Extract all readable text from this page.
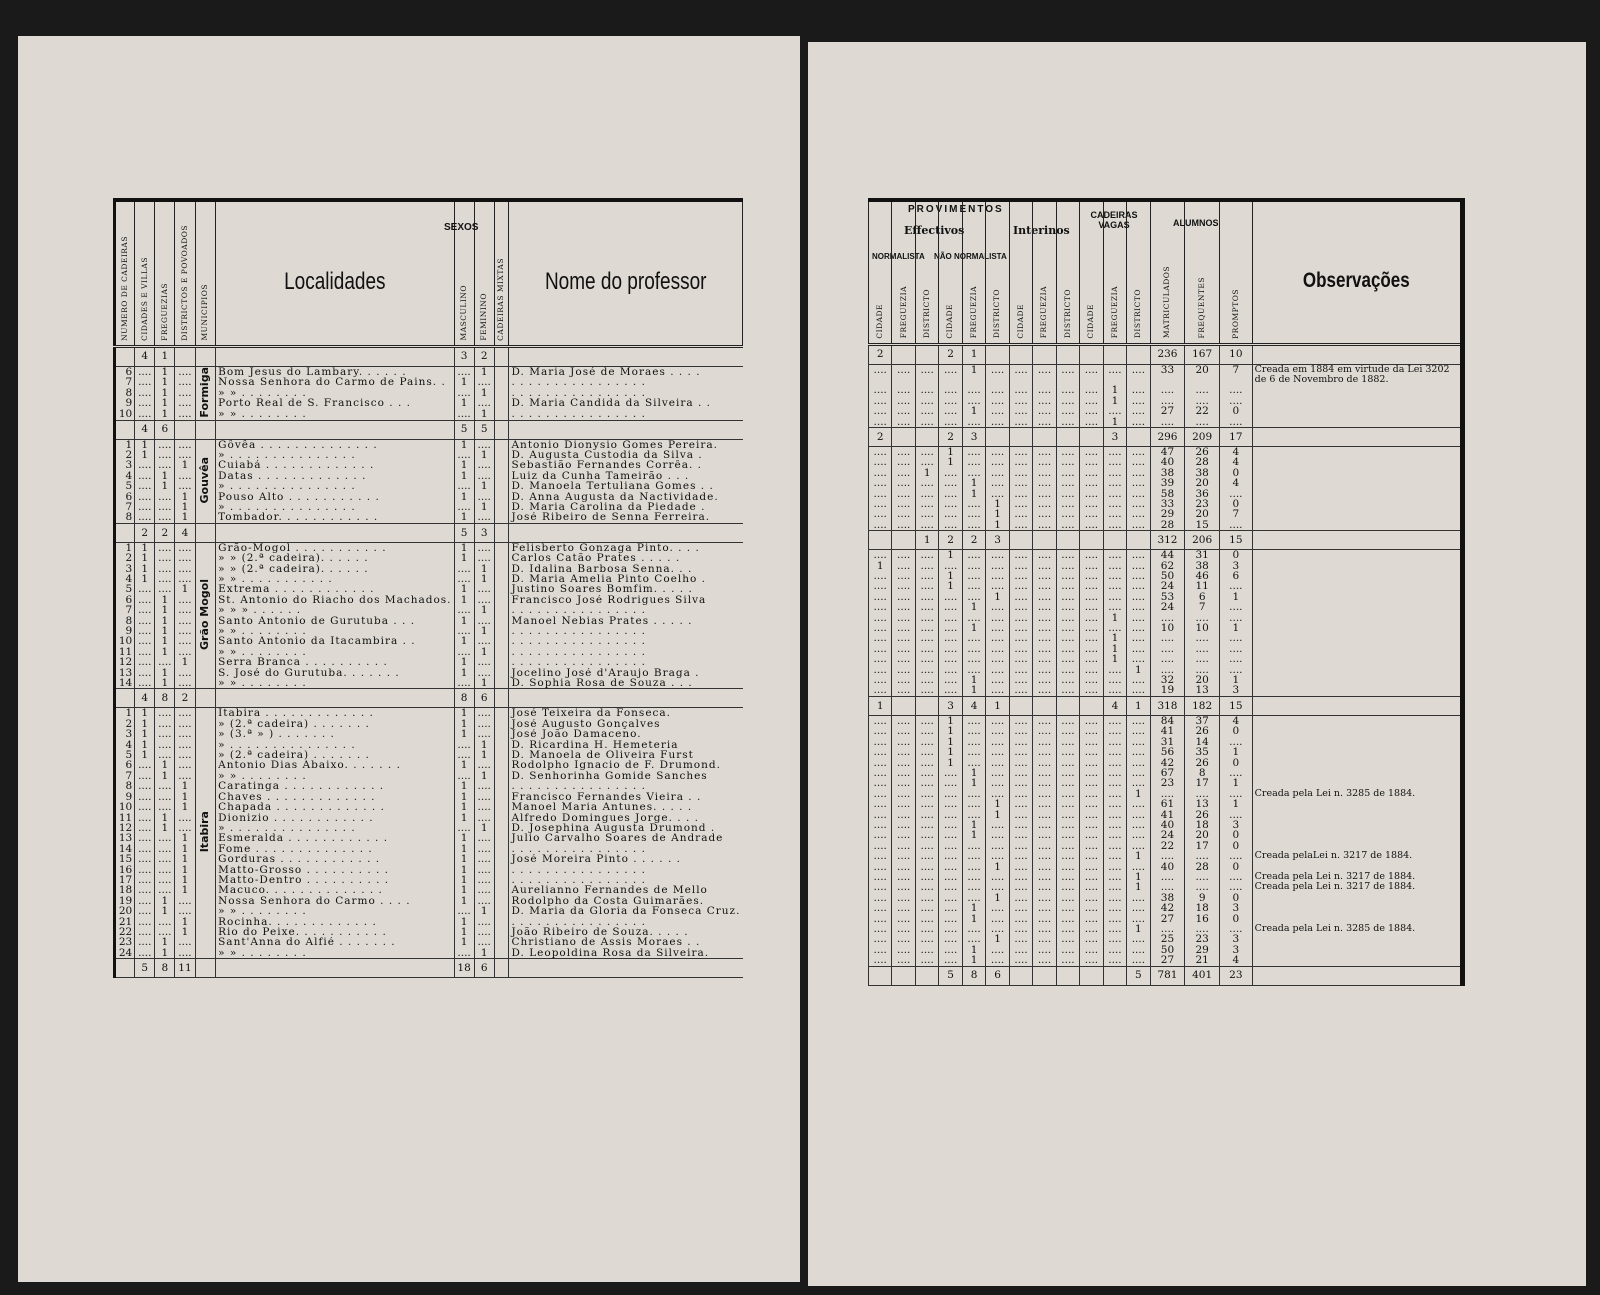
NUMERO DE CADEIRAS	CIDADES E VILLAS	FREGUEZIAS	DISTRICTOS E POVOADOS	MUNICIPIOS	Localidades	MASCULINO	FEMININO	CADEIRAS MIXTAS	Nome do professor
	4	1				3	2		
6	....	1	....	Formiga	Bom Jesus do Lambary. . . . . .	....	1		D. Maria José de Moraes . . . .
7	....	1	....		Nossa Senhora do Carmo de Pains. .	1	....		. . . . . . . . . . . . . . . .
8	....	1	....		» » . . . . . . . .	....	1		. . . . . . . . . . . . . . . .
9	....	1	....		Porto Real de S. Francisco . . .	1	....		D. Maria Candida da Silveira . .
10	....	1	....		» » . . . . . . . .	....	1		. . . . . . . . . . . . . . . .
	4	6				5	5		
1	1	....	....	Gouvêa	Gôvêa . . . . . . . . . . . . . .	1	....		Antonio Dionysio Gomes Pereira.
2	1	....	....		» . . . . . . . . . . . . . . .	....	1		D. Augusta Custodia da Silva .
3	....	....	1		Cuiabá . . . . . . . . . . . . .	1	....		Sebastião Fernandes Corrêa. .
4	....	1	....		Datas . . . . . . . . . . . . .	1	....		Luiz da Cunha Tameirão . . .
5	....	1	....		» . . . . . . . . . . . . . . .	....	1		D. Manoela Tertuliana Gomes . .
6	....	....	1		Pouso Alto . . . . . . . . . . .	1	....		D. Anna Augusta da Nactividade.
7	....	....	1		» . . . . . . . . . . . . . . .	....	1		D. Maria Carolina da Piedade .
8	....	....	1		Tombador. . . . . . . . . . . .	1	....		José Ribeiro de Senna Ferreira.
	2	2	4			5	3		
1	1	....	....	Grão Mogol	Grão-Mogol . . . . . . . . . . .	1	....		Felisberto Gonzaga Pinto. . . .
2	1	....	....		» » (2.ª cadeira). . . . . .	1	....		Carlos Catão Prates . . . . .
3	1	....	....		» » (2.ª cadeira). . . . . .	....	1		D. Idalina Barbosa Senna. . .
4	1	....	....		» » . . . . . . . . . . .	....	1		D. Maria Amelia Pinto Coelho .
5	....	....	1		Extrema . . . . . . . . . . . .	1	....		Justino Soares Bomfim. . . . .
6	....	1	....		St. Antonio do Riacho dos Machados.	1	....		Francisco José Rodrigues Silva
7	....	1	....		» » » . . . . . .	....	1		. . . . . . . . . . . . . . . .
8	....	1	....		Santo Antonio de Gurutuba . . .	1	....		Manoel Nebias Prates . . . . .
9	....	1	....		» » . . . . . . . .	....	1		. . . . . . . . . . . . . . . .
10	....	1	....		Santo Antonio da Itacambira . .	1	....		. . . . . . . . . . . . . . . .
11	....	1	....		» » . . . . . . . .	....	1		. . . . . . . . . . . . . . . .
12	....	....	1		Serra Branca . . . . . . . . . .	1	....		. . . . . . . . . . . . . . . .
13	....	1	....		S. José do Gurutuba. . . . . . .	1	....		Jocelino José d'Araujo Braga .
14	....	1	....		» » . . . . . . . .	....	1		D. Sophia Rosa de Souza . . .
	4	8	2			8	6		
1	1	....	....	Itabira	Itabira . . . . . . . . . . . . .	1	....		José Teixeira da Fonseca.
2	1	....	....		» (2.ª cadeira) . . . . . . .	1	....		José Augusto Gonçalves
3	1	....	....		» (3.ª » ) . . . . . . .	1	....		José João Damaceno.
4	1	....	....		» . . . . . . . . . . . . . . .	....	1		D. Ricardina H. Hemeteria
5	1	....	....		» (2.ª cadeira) . . . . . . .	....	1		D. Manoela de Oliveira Furst
6	....	1	....		Antonio Dias Abaixo. . . . . . .	1	....		Rodolpho Ignacio de F. Drumond.
7	....	1	....		» » . . . . . . . .	....	1		D. Senhorinha Gomide Sanches
8	....	....	1		Caratinga . . . . . . . . . . . .	1	....		. . . . . . . . . . . . . . . .
9	....	....	1		Chaves . . . . . . . . . . . . .	1	....		Francisco Fernandes Vieira . .
10	....	....	1		Chapada . . . . . . . . . . . . .	1	....		Manoel Maria Antunes. . . . .
11	....	1	....		Dionizio . . . . . . . . . . . .	1	....		Alfredo Domingues Jorge. . . .
12	....	1	....		» . . . . . . . . . . . . . . .	....	1		D. Josephina Augusta Drumond .
13	....	....	1		Esmeralda . . . . . . . . . . . .	1	....		Julio Carvalho Soares de Andrade
14	....	....	1		Fome . . . . . . . . . . . . . .	1	....		. . . . . . . . . . . . . . . .
15	....	....	1		Gorduras . . . . . . . . . . . .	1	....		José Moreira Pinto . . . . . .
16	....	....	1		Matto-Grosso . . . . . . . . . .	1	....		. . . . . . . . . . . . . . . .
17	....	....	1		Matto-Dentro . . . . . . . . . .	1	....		. . . . . . . . . . . . . . . .
18	....	....	1		Macuco. . . . . . . . . . . . . .	1	....		Aurelianno Fernandes de Mello
19	....	1	....		Nossa Senhora do Carmo . . . .	1	....		Rodolpho da Costa Guimarães.
20	....	1	....		» » . . . . . . . .	....	1		D. Maria da Gloria da Fonseca Cruz.
21	....	....	1		Rocinha. . . . . . . . . . . . .	1	....		. . . . . . . . . . . . . . . .
22	....	....	1		Rio do Peixe. . . . . . . . . . .	1	....		João Ribeiro de Souza. . . . .
23	....	1	....		Sant'Anna do Alfié . . . . . . .	1	....		Christiano de Assis Moraes . .
24	....	1	....		» » . . . . . . . .	....	1		D. Leopoldina Rosa da Silveira.
	5	8	11			18	6		
SEXOS
PROVIMENTOS
Effectivos	Interinos
NORMALISTA NÃO NORMALISTA
CADEIRAS VAGAS	ALUMNOS
CIDADE	FREGUEZIA	DISTRICTO	CIDADE	FREGUEZIA	DISTRICTO	CIDADE	FREGUEZIA	DISTRICTO	CIDADE	FREGUEZIA	DISTRICTO	MATRICULADOS	FREQUENTES	PROMPTOS	Observações
2			2	1								236	167	10	
....	....	....	....	1	....	....	....	....	....	....	....	33	20	7	Creada em 1884 em virtude da Lei 3202 de 6 de Novembro de 1882.
....	....	....	....	....	....	....	....	....	....	1	....	....	....	....	
....	....	....	....	....	....	....	....	....	....	1	....	....	....	....	
....	....	....	....	1	....	....	....	....	....	....	....	27	22	0	
....	....	....	....	....	....	....	....	....	....	1	....	....	....	....	
2			2	3						3		296	209	17	
....	....	....	1	....	....	....	....	....	....	....	....	47	26	4	
....	....	....	1	....	....	....	....	....	....	....	....	40	28	4	
....	....	1	....	....	....	....	....	....	....	....	....	38	38	0	
....	....	....	....	1	....	....	....	....	....	....	....	39	20	4	
....	....	....	....	1	....	....	....	....	....	....	....	58	36	....	
....	....	....	....	....	1	....	....	....	....	....	....	33	23	0	
....	....	....	....	....	1	....	....	....	....	....	....	29	20	7	
....	....	....	....	....	1	....	....	....	....	....	....	28	15	....	
		1	2	2	3							312	206	15	
....	....	....	1	....	....	....	....	....	....	....	....	44	31	0	
1	....	....	....	....	....	....	....	....	....	....	....	62	38	3	
....	....	....	1	....	....	....	....	....	....	....	....	50	46	6	
....	....	....	1	....	....	....	....	....	....	....	....	24	11	....	
....	....	....	....	....	1	....	....	....	....	....	....	53	6	1	
....	....	....	....	1	....	....	....	....	....	....	....	24	7	....	
....	....	....	....	....	....	....	....	....	....	1	....	....	....	....	
....	....	....	....	1	....	....	....	....	....	....	....	10	10	1	
....	....	....	....	....	....	....	....	....	....	1	....	....	....	....	
....	....	....	....	....	....	....	....	....	....	1	....	....	....	....	
....	....	....	....	....	....	....	....	....	....	1	....	....	....	....	
....	....	....	....	....	....	....	....	....	....	....	1	....	....	....	
....	....	....	....	1	....	....	....	....	....	....	....	32	20	1	
....	....	....	....	1	....	....	....	....	....	....	....	19	13	3	
1			3	4	1					4	1	318	182	15	
....	....	....	1	....	....	....	....	....	....	....	....	84	37	4	
....	....	....	1	....	....	....	....	....	....	....	....	41	26	0	
....	....	....	1	....	....	....	....	....	....	....	....	31	14	....	
....	....	....	1	....	....	....	....	....	....	....	....	56	35	1	
....	....	....	1	....	....	....	....	....	....	....	....	42	26	0	
....	....	....	....	1	....	....	....	....	....	....	....	67	8	....	
....	....	....	....	1	....	....	....	....	....	....	....	23	17	1	
....	....	....	....	....	....	....	....	....	....	....	1	....	....	....	Creada pela Lei n. 3285 de 1884.
....	....	....	....	....	1	....	....	....	....	....	....	61	13	1	
....	....	....	....	....	1	....	....	....	....	....	....	41	26	....	
....	....	....	....	1	....	....	....	....	....	....	....	40	18	3	
....	....	....	....	1	....	....	....	....	....	....	....	24	20	0	
....	....	....	....	....	....	....	....	....	....	....	....	22	17	0	
....	....	....	....	....	....	....	....	....	....	....	1	....	....	....	Creada pelaLei n. 3217 de 1884.
....	....	....	....	....	1	....	....	....	....	....	....	40	28	0	
....	....	....	....	....	....	....	....	....	....	....	1	....	....	....	Creada pela Lei n. 3217 de 1884.
....	....	....	....	....	....	....	....	....	....	....	1	....	....	....	Creada pela Lei n. 3217 de 1884.
....	....	....	....	....	1	....	....	....	....	....	....	38	9	0	
....	....	....	....	1	....	....	....	....	....	....	....	42	18	3	
....	....	....	....	1	....	....	....	....	....	....	....	27	16	0	
....	....	....	....	....	....	....	....	....	....	....	1	....	....	....	Creada pela Lei n. 3285 de 1884.
....	....	....	....	....	1	....	....	....	....	....	....	25	23	3	
....	....	....	....	1	....	....	....	....	....	....	....	50	29	3	
....	....	....	....	1	....	....	....	....	....	....	....	27	21	4	
			5	8	6						5	781	401	23	
